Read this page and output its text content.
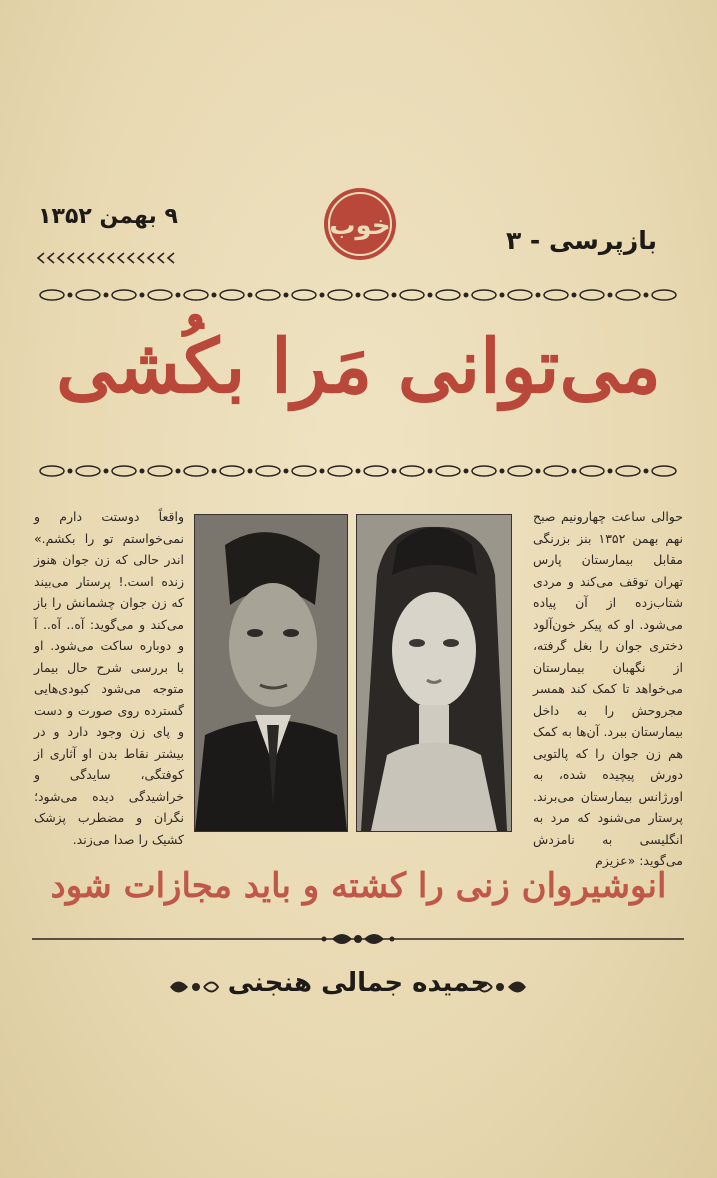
بازپرسی - ۳
۹ بهمن ۱۳۵۲	خوب
می‌توانی مَرا بکُشی

حوالی ساعت چهارونیم صبح نهم بهمن ۱۳۵۲ بنز بزرنگی مقابل بیمارستان پارس تهران توقف می‌کند و مردی شتاب‌زده از آن پیاده می‌شود. او که پیکر خون‌آلود دختری جوان را بغل گرفته، از نگهبان بیمارستان می‌خواهد تا کمک کند همسر مجروحش را به داخل بیمارستان ببرد. آن‌ها به کمک هم زن جوان را که پالتویی دورش پیچیده شده، به اورژانس بیمارستان می‌برند. پرستار می‌شنود که مرد به انگلیسی به نامزدش می‌گوید: «عزیزم

واقعاً دوستت دارم و نمی‌خواستم تو را بکشم.» اندر حالی که زن جوان هنوز زنده است.! پرستار می‌بیند که زن جوان چشمانش را باز می‌کند و می‌گوید: آه.. آه.. آ و دوباره ساکت می‌شود. او با بررسی شرح حال بیمار متوجه می‌شود کبودی‌هایی گسترده روی صورت و دست و پای زن وجود دارد و در بیشتر نقاط بدن او آثاری از کوفتگی، سایدگی و خراشیدگی دیده می‌شود؛ نگران و مضطرب پزشک کشیک را صدا می‌زند.

انوشیروان زنی را کشته و باید مجازات شود
حمیده جمالی هنجنی
